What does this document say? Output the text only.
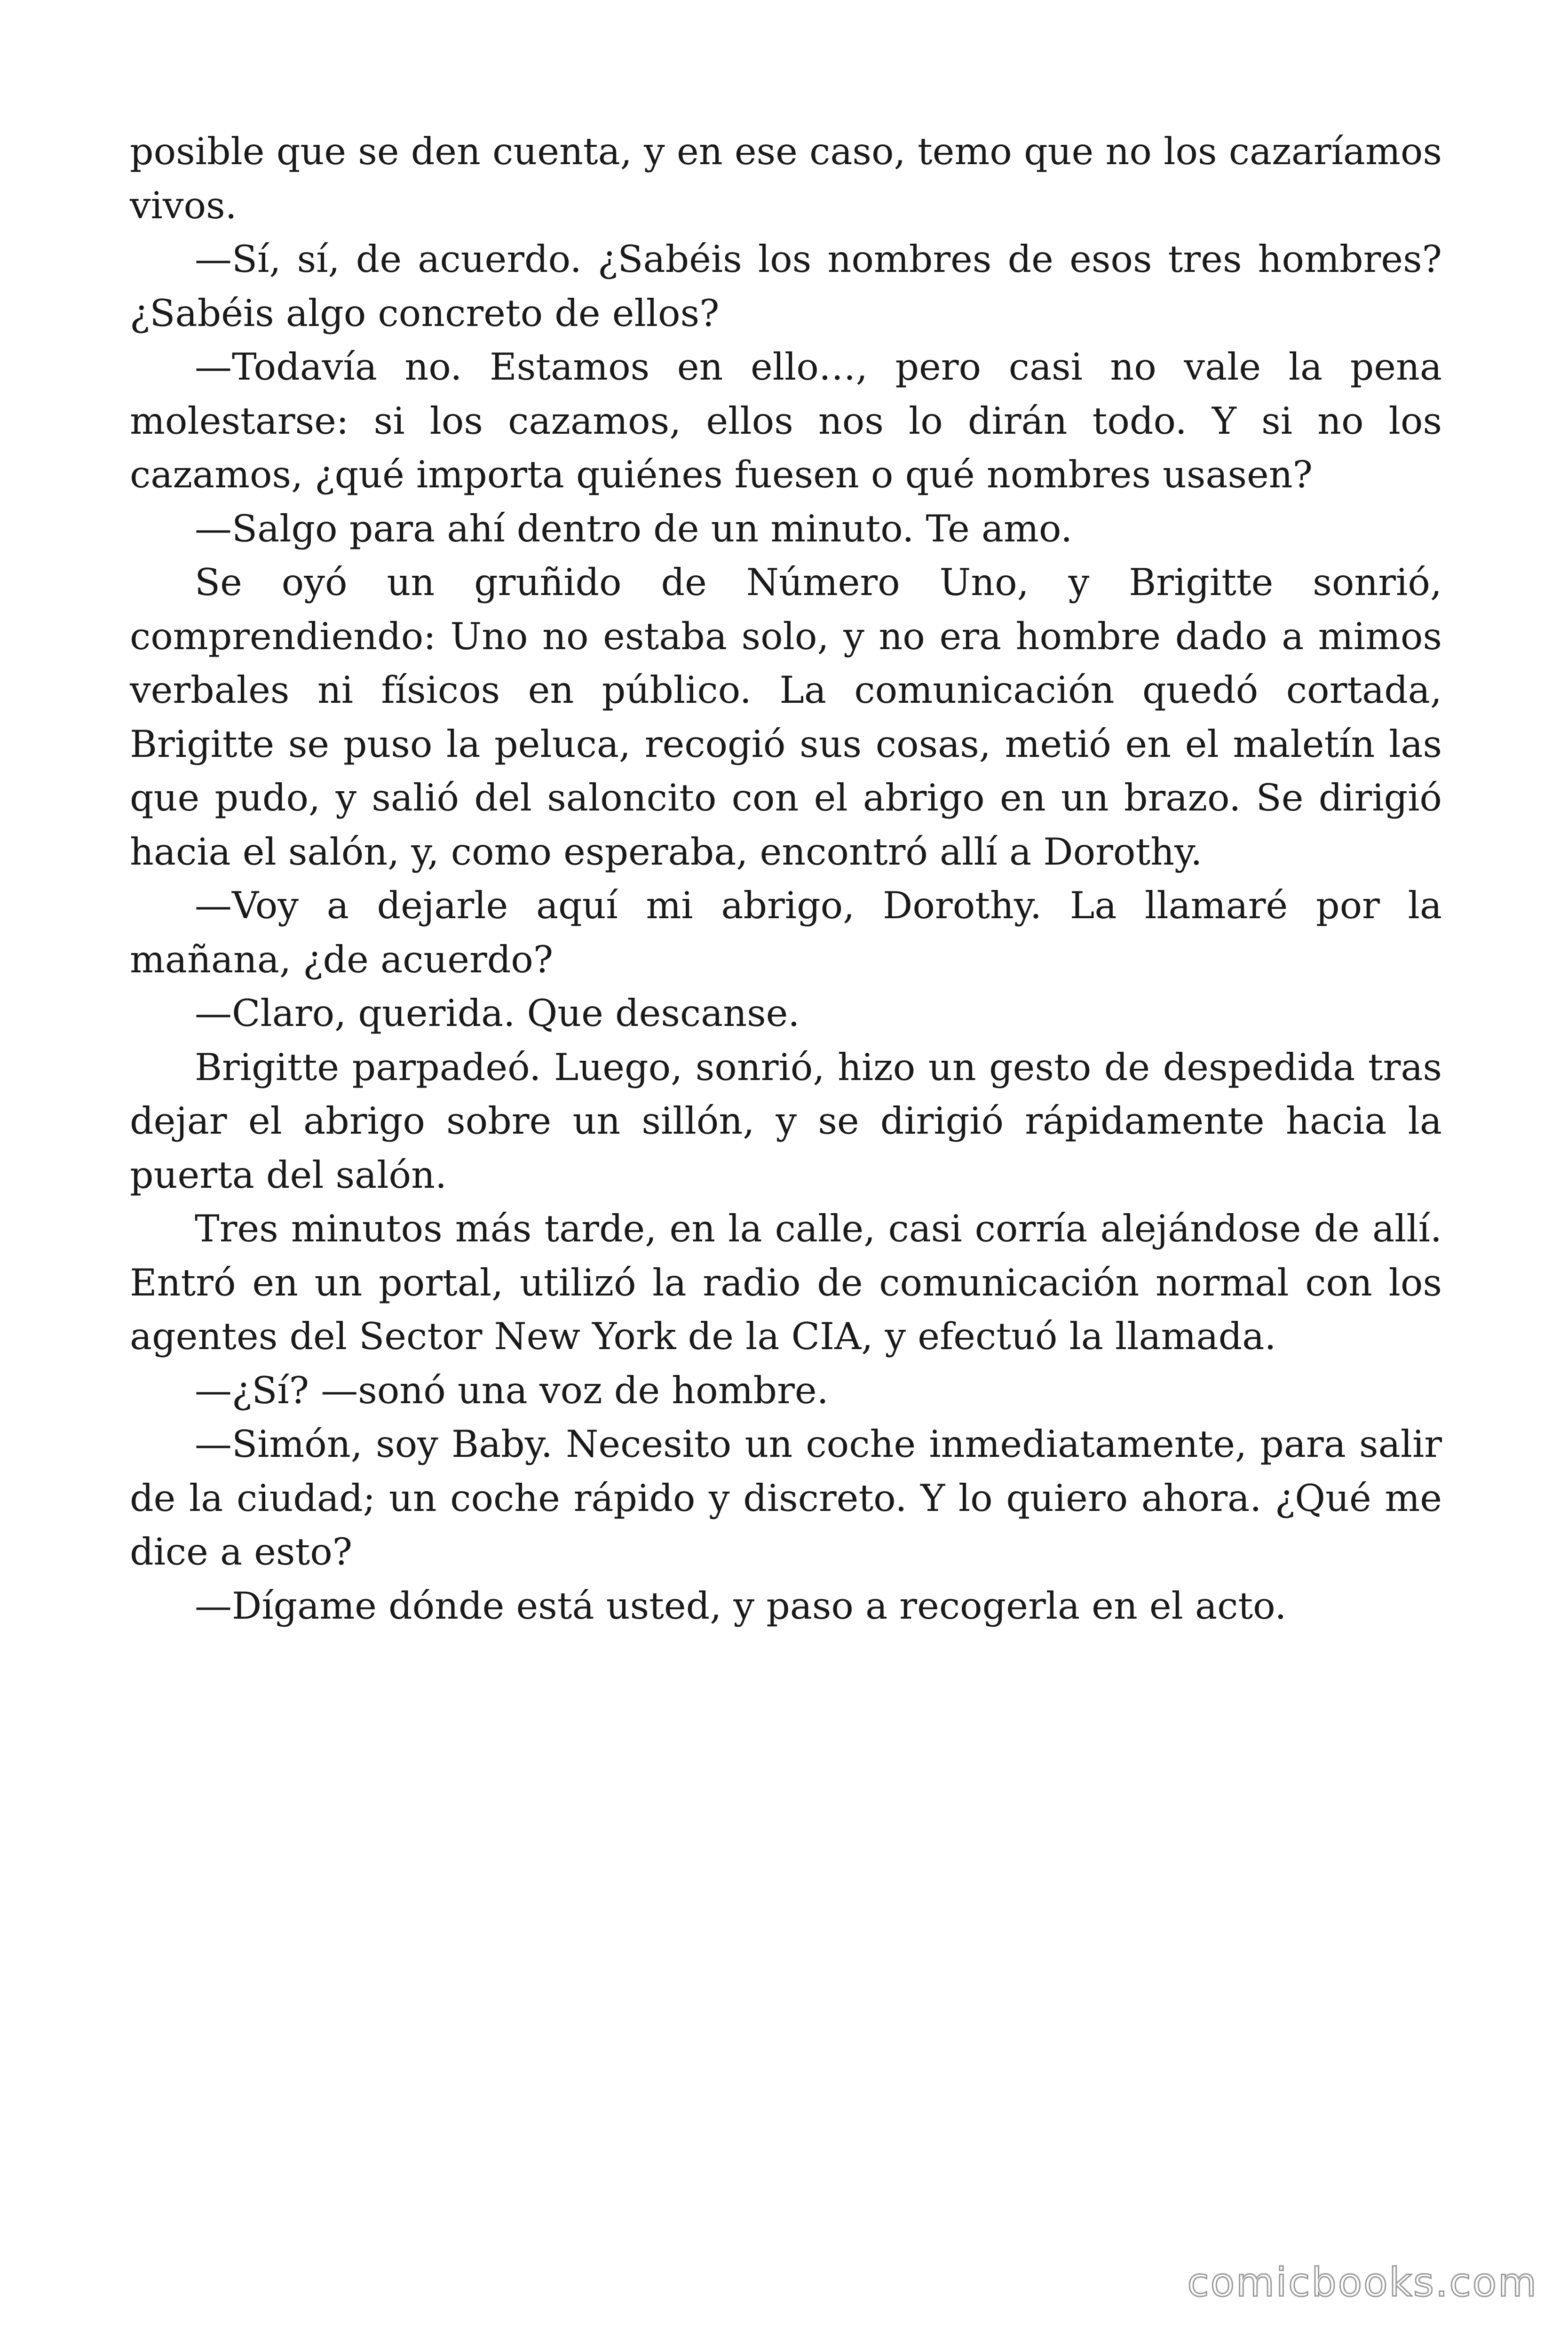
posible que se den cuenta, y en ese caso, temo que no los cazaríamos vivos.

—Sí, sí, de acuerdo. ¿Sabéis los nombres de esos tres hombres? ¿Sabéis algo concreto de ellos?

—Todavía no. Estamos en ello…, pero casi no vale la pena molestarse: si los cazamos, ellos nos lo dirán todo. Y si no los cazamos, ¿qué importa quiénes fuesen o qué nombres usasen?

—Salgo para ahí dentro de un minuto. Te amo.

Se oyó un gruñido de Número Uno, y Brigitte sonrió, comprendiendo: Uno no estaba solo, y no era hombre dado a mimos verbales ni físicos en público. La comunicación quedó cortada, Brigitte se puso la peluca, recogió sus cosas, metió en el maletín las que pudo, y salió del saloncito con el abrigo en un brazo. Se dirigió hacia el salón, y, como esperaba, encontró allí a Dorothy.

—Voy a dejarle aquí mi abrigo, Dorothy. La llamaré por la mañana, ¿de acuerdo?

—Claro, querida. Que descanse.

Brigitte parpadeó. Luego, sonrió, hizo un gesto de despedida tras dejar el abrigo sobre un sillón, y se dirigió rápidamente hacia la puerta del salón.

Tres minutos más tarde, en la calle, casi corría alejándose de allí. Entró en un portal, utilizó la radio de comunicación normal con los agentes del Sector New York de la CIA, y efectuó la llamada.

—¿Sí? —sonó una voz de hombre.

—Simón, soy Baby. Necesito un coche inmediatamente, para salir de la ciudad; un coche rápido y discreto. Y lo quiero ahora. ¿Qué me dice a esto?

—Dígame dónde está usted, y paso a recogerla en el acto.

comicbooks.com
